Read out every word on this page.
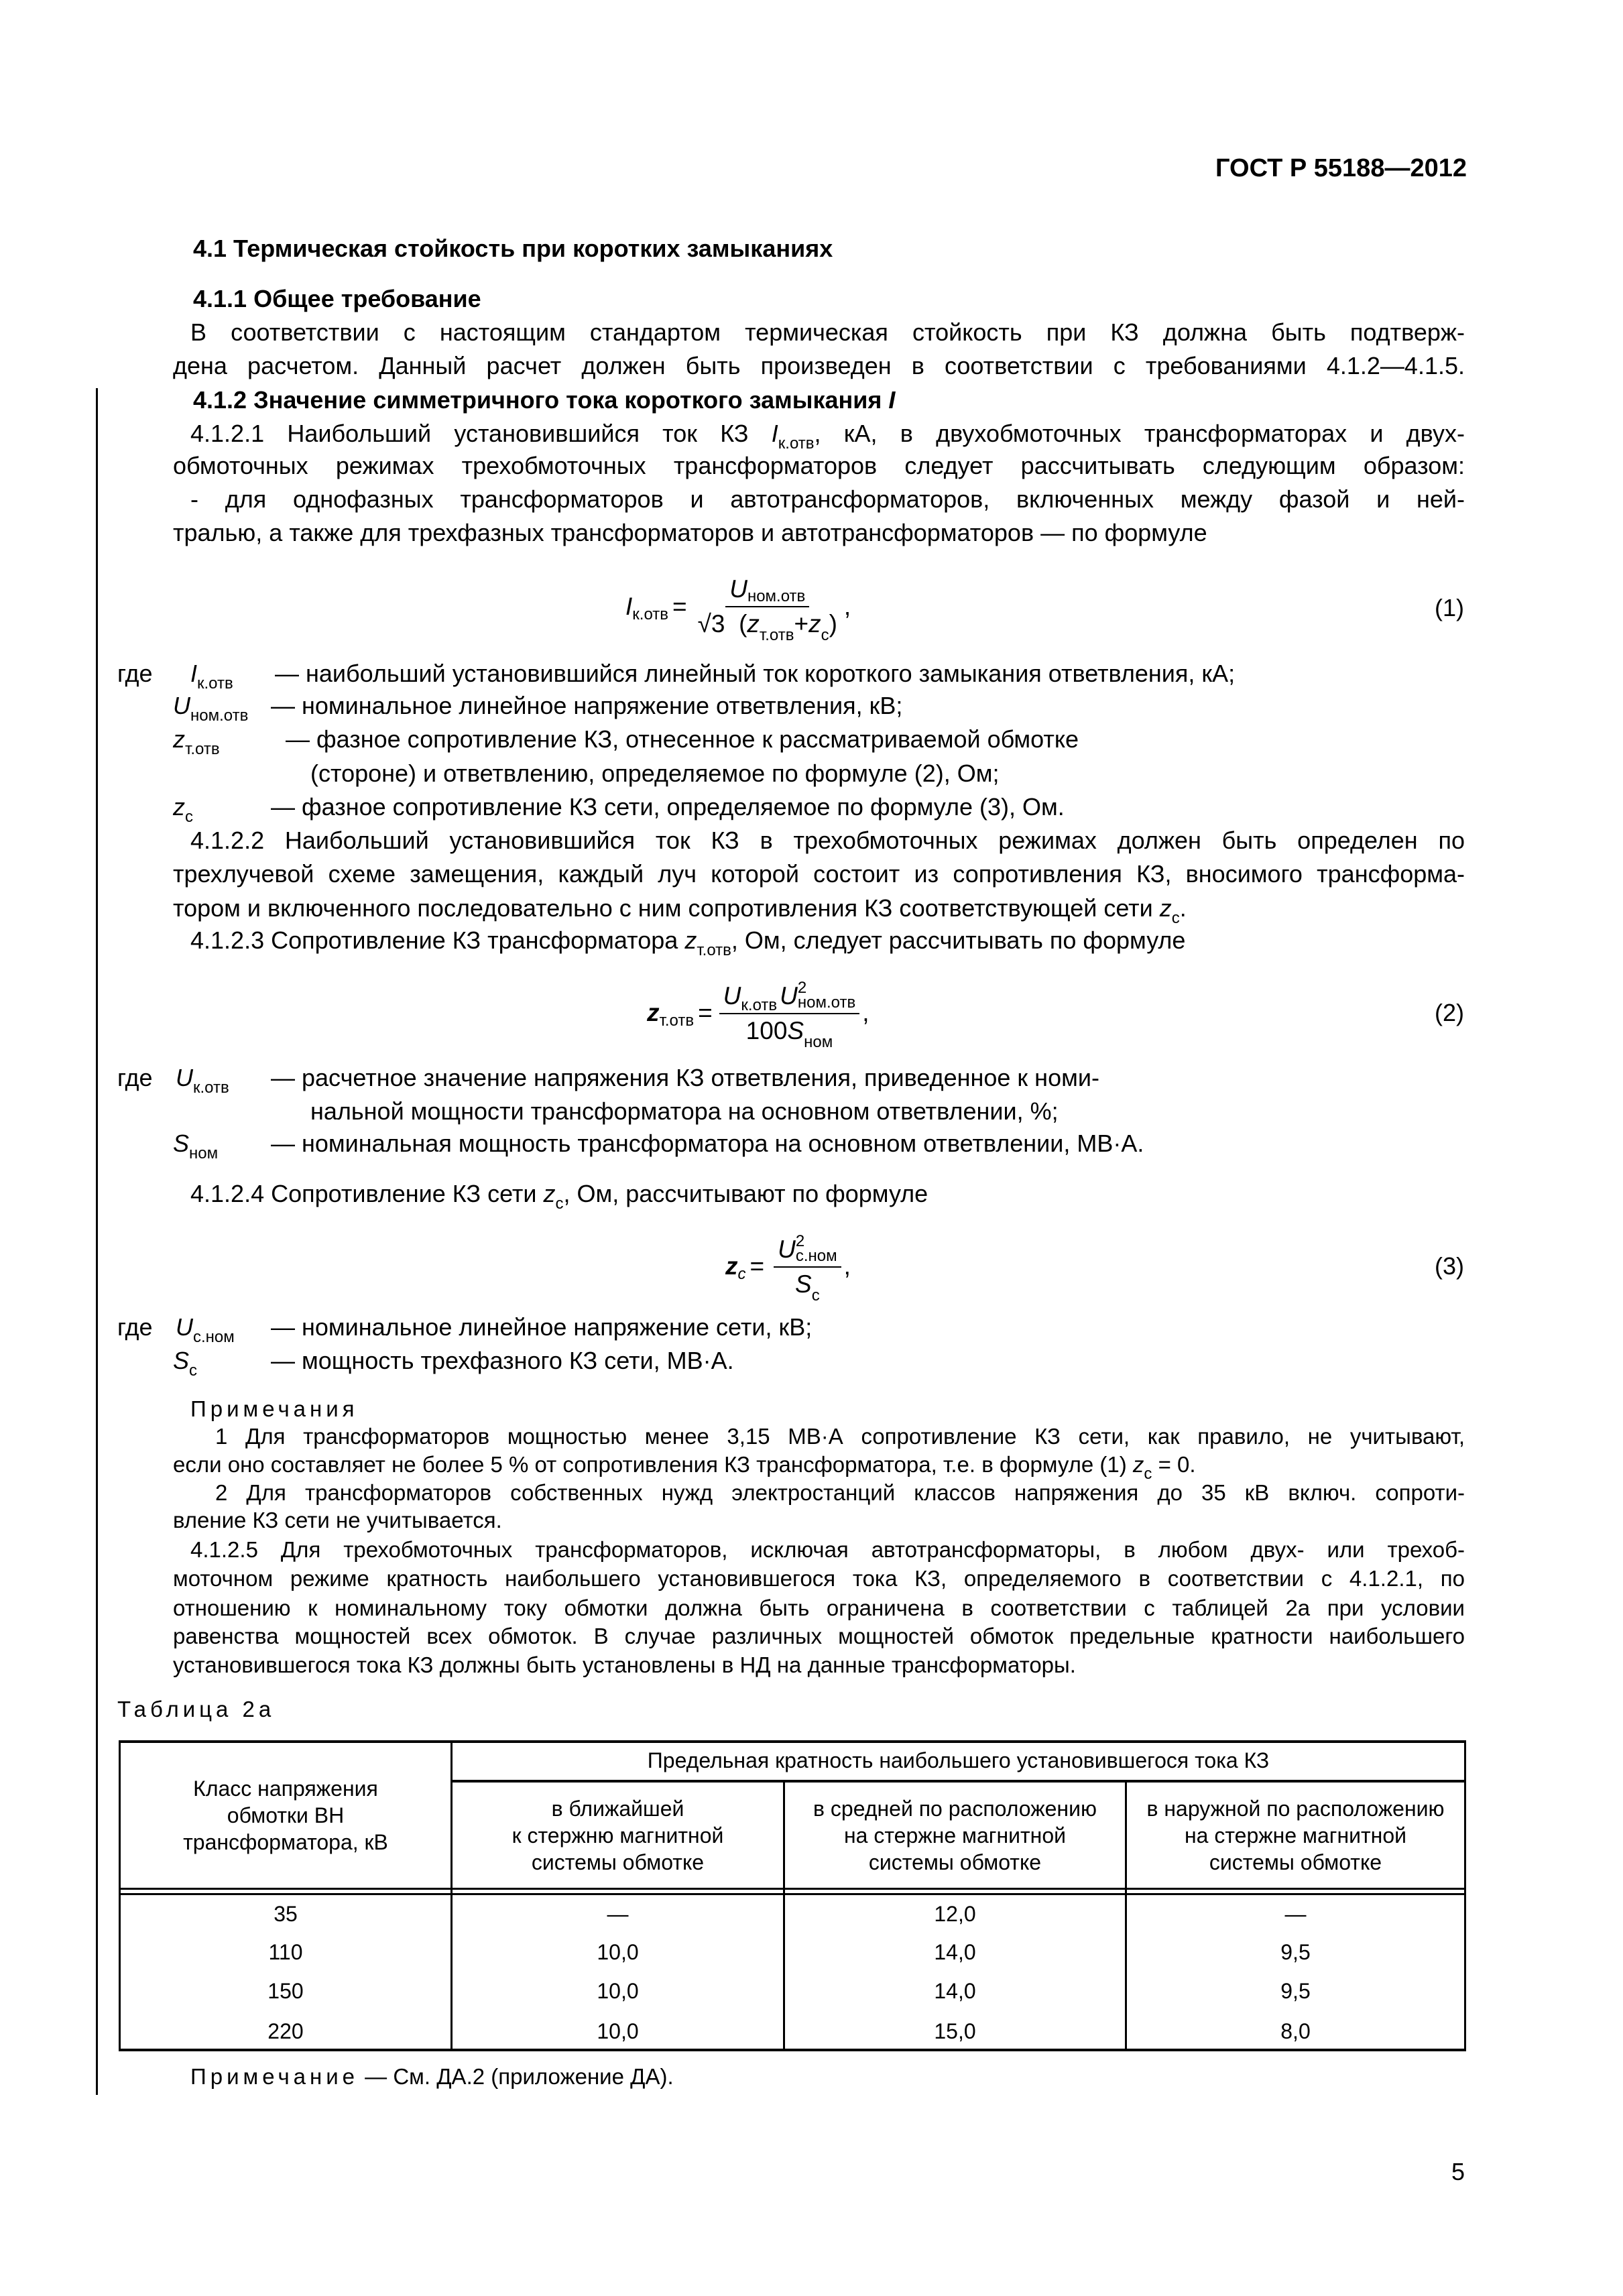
ГОСТ Р 55188—2012
4.1 Термическая стойкость при коротких замыканиях
4.1.1 Общее требование
В соответствии с настоящим стандартом термическая стойкость при КЗ должна быть подтверж-
дена расчетом. Данный расчет должен быть произведен в соответствии с требованиями 4.1.2—4.1.5.
4.1.2 Значение симметричного тока короткого замыкания I
4.1.2.1 Наибольший установившийся ток КЗ $I_{к.отв}$, кА, в двухобмоточных трансформаторах и двух-
обмоточных режимах трехобмоточных трансформаторов следует рассчитывать следующим образом:
- для однофазных трансформаторов и автотрансформаторов, включенных между фазой и ней-
тралью, а также для трехфазных трансформаторов и автотрансформаторов — по формуле
$I_{к.отв} = \frac{U_{ном.отв}}{√3 (z_{т.отв}+z_с)}$ ,	(1)
где $I_{к.отв}$ — наибольший установившийся линейный ток короткого замыкания ответвления, кА;
$U_{ном.отв}$ — номинальное линейное напряжение ответвления, кВ;
$z_{т.отв}$	— фазное сопротивление КЗ, отнесенное к рассматриваемой обмотке
(стороне) и ответвлению, определяемое по формуле (2), Ом;
$z_с$	— фазное сопротивление КЗ сети, определяемое по формуле (3), Ом.
4.1.2.2 Наибольший установившийся ток КЗ в трехобмоточных режимах должен быть определен по
трехлучевой схеме замещения, каждый луч которой состоит из сопротивления КЗ, вносимого трансформа-
тором и включенного последовательно с ним сопротивления КЗ соответствующей сети $z_с$.
4.1.2.3 Сопротивление КЗ трансформатора $z_{т.отв}$, Ом, следует рассчитывать по формуле
$z_{т.отв} = U_{к.отв}$ U 2
ном.отв
$100S_{ном}$ ,	(2)
где $U_{к.отв}$ — расчетное значение напряжения КЗ ответвления, приведенное к номи-
нальной мощности трансформатора на основном ответвлении, %;
$S_{ном}$ — номинальная мощность трансформатора на основном ответвлении, МВ·А.
4.1.2.4 Сопротивление КЗ сети $z_с$, Ом, рассчитывают по формуле
$z_c = U$ 2
с.ном
$S_с$ ,	(3)
где $U_{с.ном}$ — номинальное линейное напряжение сети, кВ;
$S_с$	— мощность трехфазного КЗ сети, МВ·А.
Примечания
1 Для трансформаторов мощностью менее 3,15 МВ·А сопротивление КЗ сети, как правило, не учитывают,
если оно составляет не более 5 % от сопротивления КЗ трансформатора, т.е. в формуле (1) $z_с = 0$.
2 Для трансформаторов собственных нужд электростанций классов напряжения до 35 кВ включ. сопроти-
вление КЗ сети не учитывается.
4.1.2.5 Для трехобмоточных трансформаторов, исключая автотрансформаторы, в любом двух- или трехоб-
моточном режиме кратность наибольшего установившегося тока КЗ, определяемого в соответствии с 4.1.2.1, по
отношению к номинальному току обмотки должна быть ограничена в соответствии с таблицей 2а при условии
равенства мощностей всех обмоток. В случае различных мощностей обмоток предельные кратности наибольшего
установившегося тока КЗ должны быть установлены в НД на данные трансформаторы.
Таблица 2а
Класс напряжения
обмотки ВН
трансформатора, кВ
Предельная кратность наибольшего установившегося тока КЗ
в ближайшей
к стержню магнитной
системы обмотке
в средней по расположению
на стержне магнитной
системы обмотке
в наружной по расположению
на стержне магнитной
системы обмотке
35	—	12,0	—
110	10,0	14,0	9,5
150	10,0	14,0	9,5
220	10,0	15,0	8,0
Примечание — См. ДА.2 (приложение ДА).
5
